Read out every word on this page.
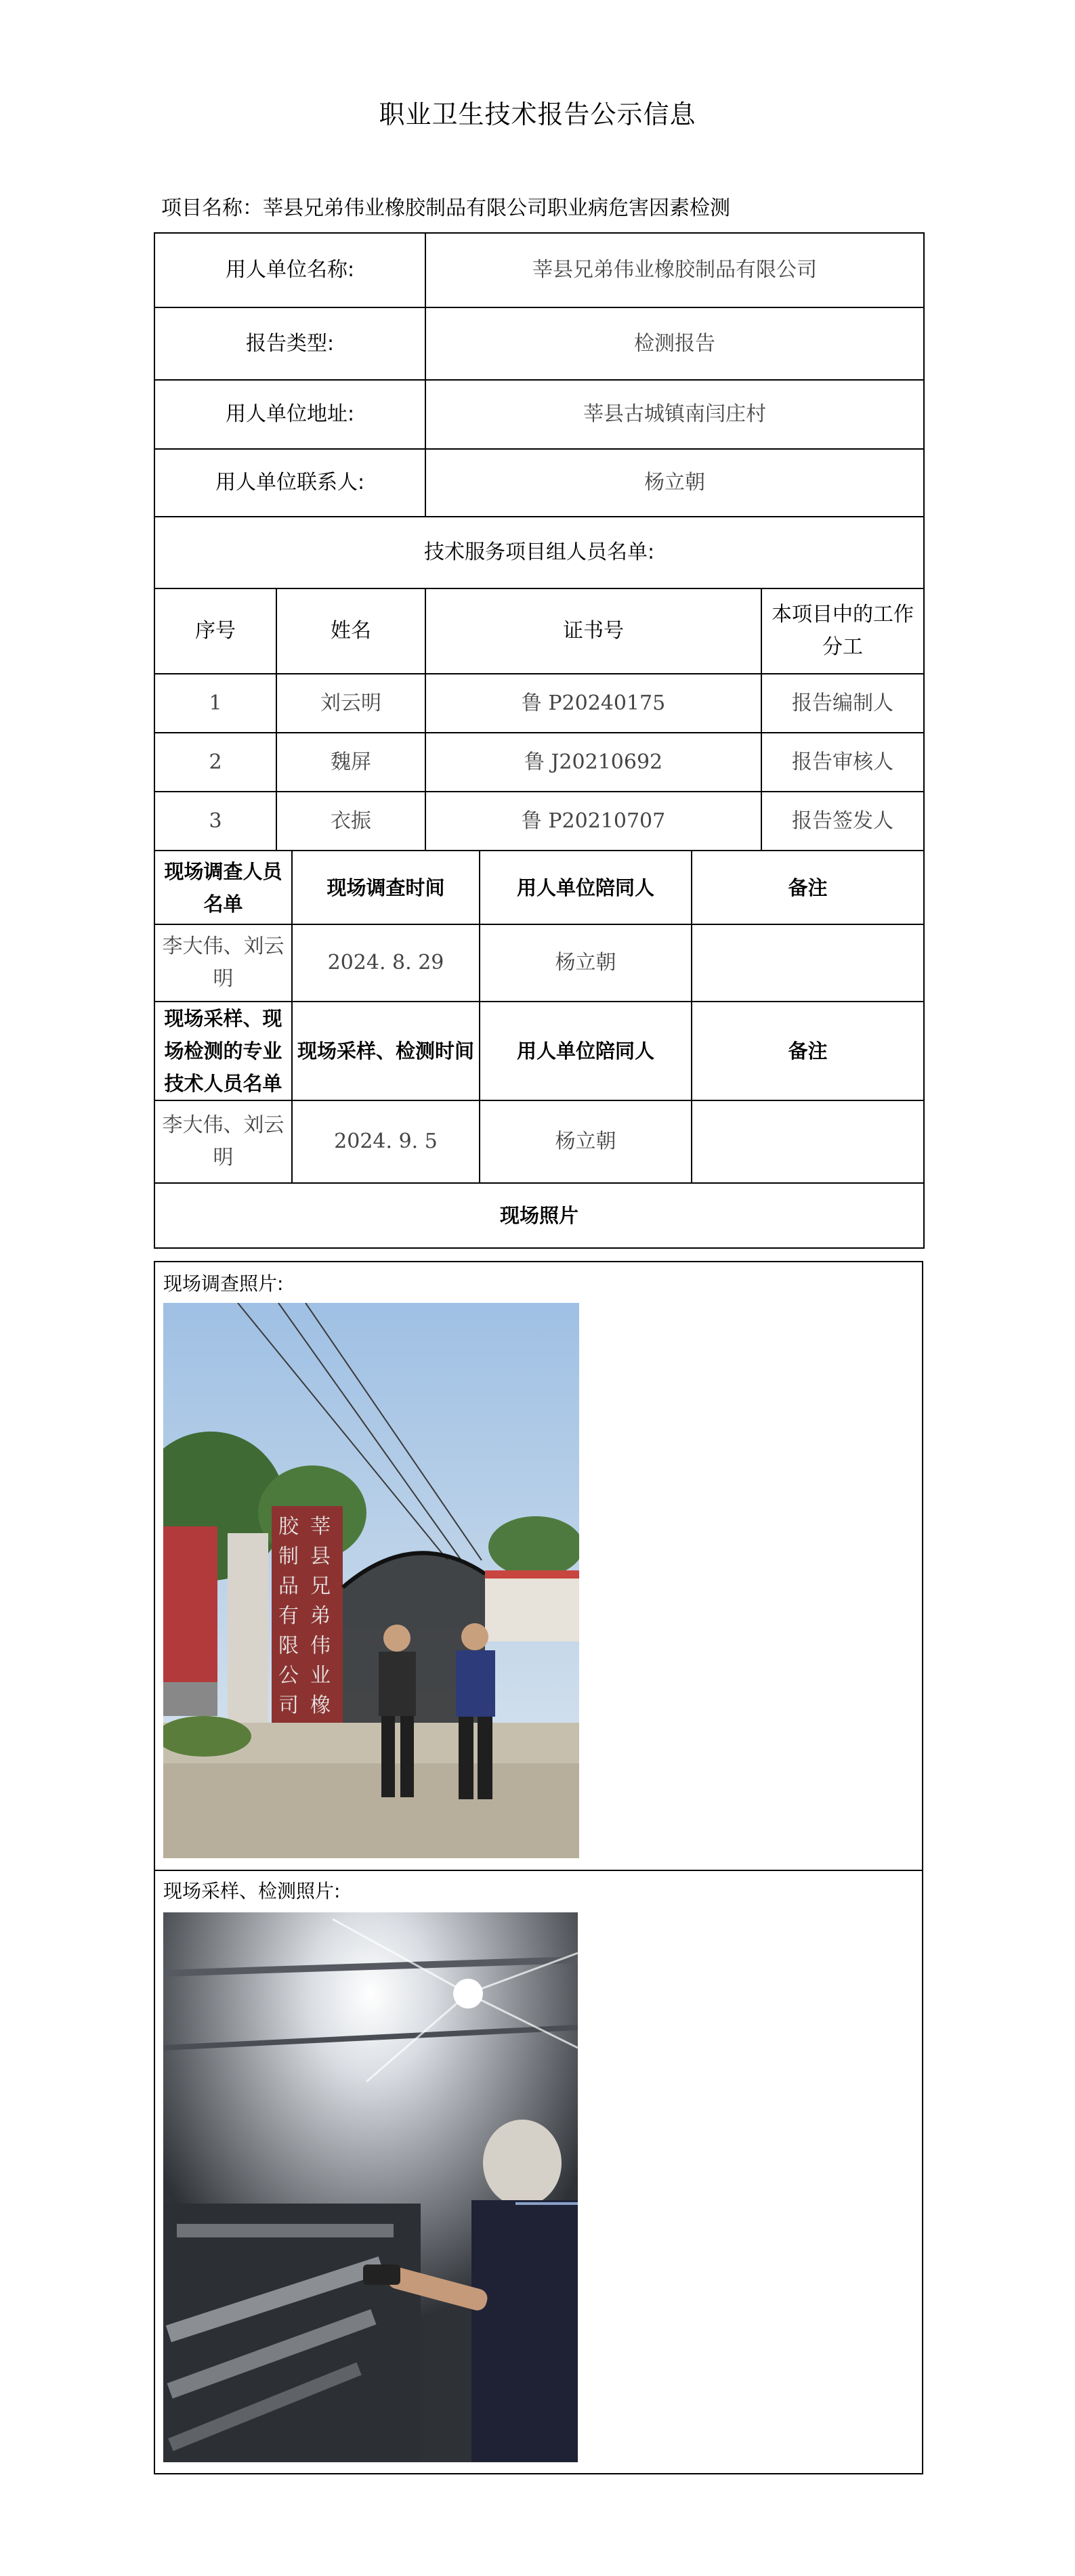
职业卫生技术报告公示信息
项目名称：莘县兄弟伟业橡胶制品有限公司职业病危害因素检测
用人单位名称:			莘县兄弟伟业橡胶制品有限公司			
报告类型:			检测报告			
用人单位地址:			莘县古城镇南闫庄村			
用人单位联系人:			杨立朝			
技术服务项目组人员名单:						
序号	姓名		证书号			本项目中的工作分工
1	刘云明		鲁 P20240175			报告编制人
2	魏屏		鲁 J20210692			报告审核人
3	衣振		鲁 P20210707			报告签发人
现场调查人员名单		现场调查时间		用人单位陪同人	备注	
李大伟、刘云明		2024. 8. 29		杨立朝		
现场采样、现场检测的专业技术人员名单		现场采样、检测时间		用人单位陪同人	备注	
李大伟、刘云明		2024. 9. 5		杨立朝		
现场照片						
现场调查照片:
莘县兄弟伟业橡胶制品有限公司
现场采样、检测照片:
